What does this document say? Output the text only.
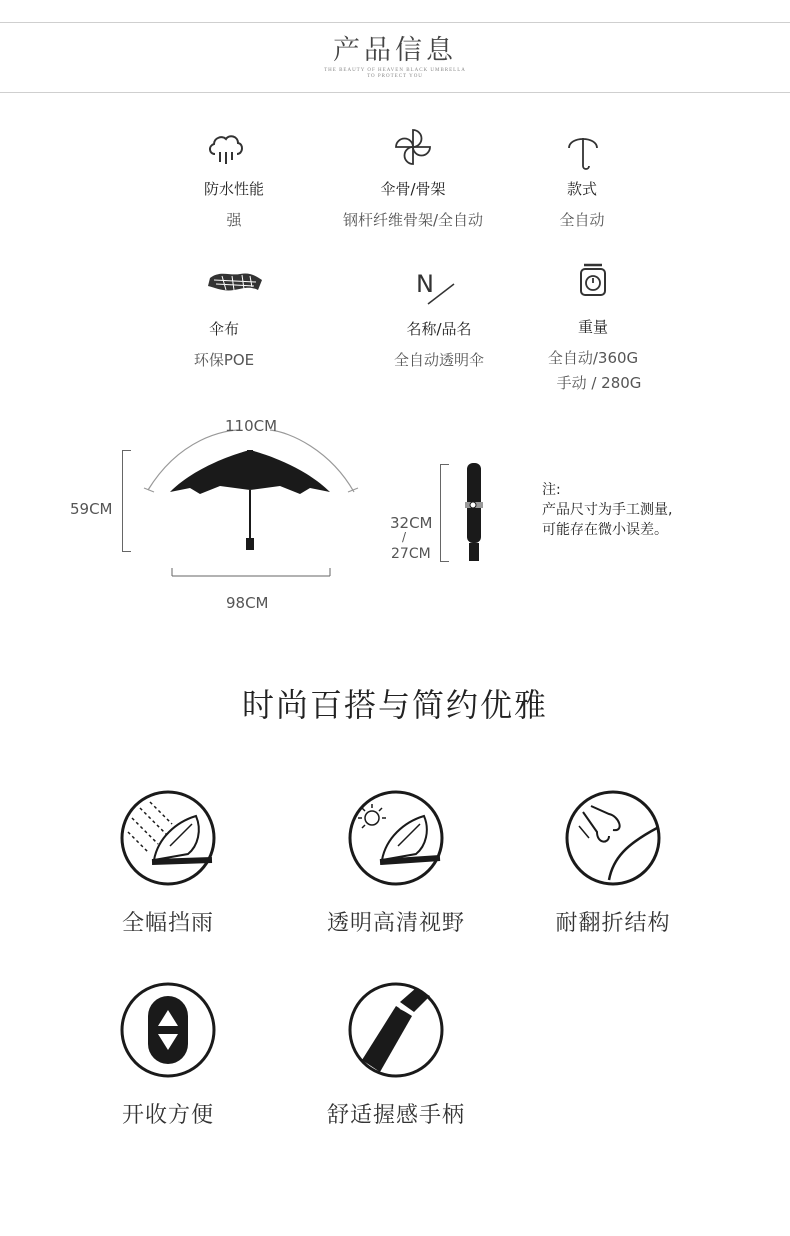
产品信息
THE BEAUTY OF HEAVEN BLACK UMBRELLA
TO PROTECT YOU
防水性能
强
伞骨/骨架
钢杆纤维骨架/全自动
款式
全自动
N
伞布
环保POE
名称/品名
全自动透明伞
重量
全自动/360G
手动 / 280G
110CM
59CM
98CM
32CM
/
27CM
注:
产品尺寸为手工测量,
可能存在微小误差。
时尚百搭与简约优雅
全幅挡雨	透明高清视野	耐翻折结构
开收方便	舒适握感手柄
